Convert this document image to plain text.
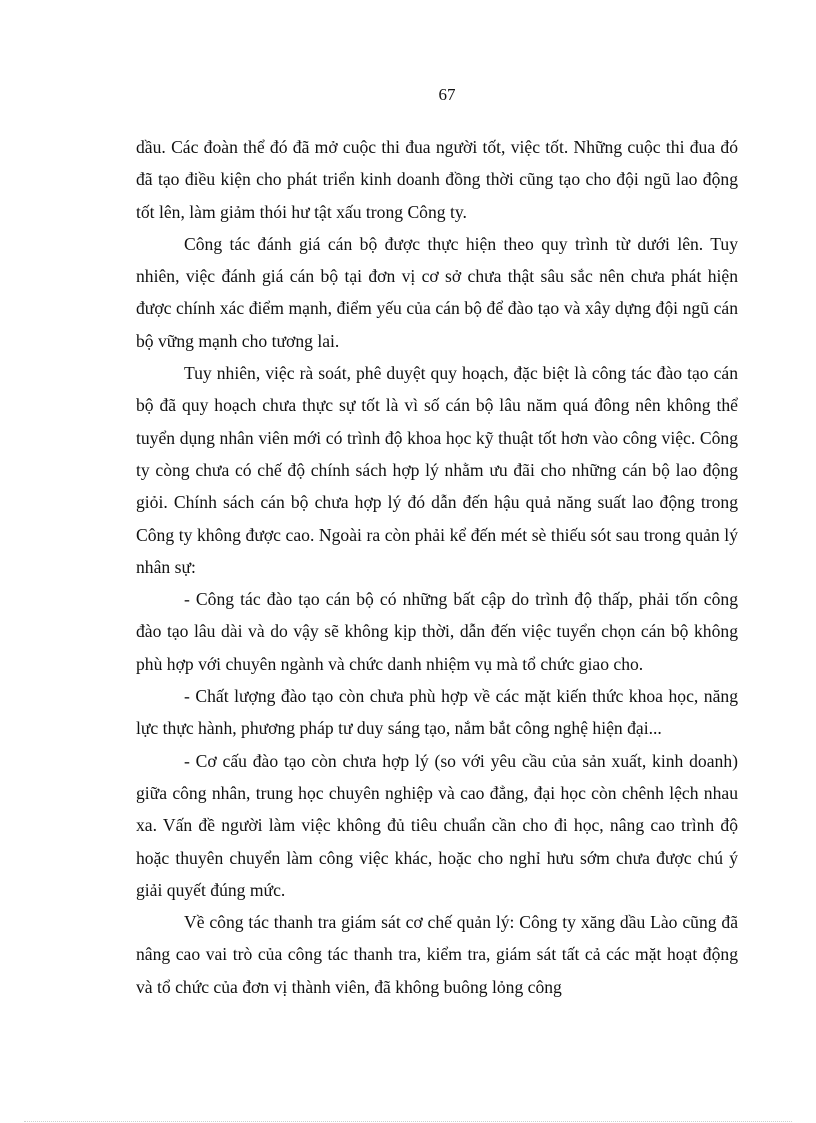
67

dầu. Các đoàn thể đó đã mở cuộc thi đua người tốt, việc tốt. Những cuộc thi đua đó đã tạo điều kiện cho phát triển kinh doanh đồng thời cũng tạo cho đội ngũ lao động tốt lên, làm giảm thói hư tật xấu trong Công ty.

Công tác đánh giá cán bộ được thực hiện theo quy trình từ dưới lên. Tuy nhiên, việc đánh giá cán bộ tại đơn vị cơ sở chưa thật sâu sắc nên chưa phát hiện được chính xác điểm mạnh, điểm yếu của cán bộ để đào tạo và xây dựng đội ngũ cán bộ vững mạnh cho tương lai.

Tuy nhiên, việc rà soát, phê duyệt quy hoạch, đặc biệt là công tác đào tạo cán bộ đã quy hoạch chưa thực sự tốt là vì số cán bộ lâu năm quá đông nên không thể tuyển dụng nhân viên mới có trình độ khoa học kỹ thuật tốt hơn vào công việc. Công ty còng chưa có chế độ chính sách hợp lý nhằm ưu đãi cho những cán bộ lao động giỏi. Chính sách cán bộ chưa hợp lý đó dẫn đến hậu quả năng suất lao động trong Công ty không được cao. Ngoài ra còn phải kể đến mét sè thiếu sót sau trong quản lý nhân sự:

- Công tác đào tạo cán bộ có những bất cập do trình độ thấp, phải tốn công đào tạo lâu dài và do vậy sẽ không kịp thời, dẫn đến việc tuyển chọn cán bộ không phù hợp với chuyên ngành và chức danh nhiệm vụ mà tổ chức giao cho.

- Chất lượng đào tạo còn chưa phù hợp về các mặt kiến thức khoa học, năng lực thực hành, phương pháp tư duy sáng tạo, nắm bắt công nghệ hiện đại...

- Cơ cấu đào tạo còn chưa hợp lý (so với yêu cầu của sản xuất, kinh doanh) giữa công nhân, trung học chuyên nghiệp và cao đẳng, đại học còn chênh lệch nhau xa. Vấn đề người làm việc không đủ tiêu chuẩn cần cho đi học, nâng cao trình độ hoặc thuyên chuyển làm công việc khác, hoặc cho nghỉ hưu sớm chưa được chú ý giải quyết đúng mức.

Về công tác thanh tra giám sát cơ chế quản lý: Công ty xăng dầu Lào cũng đã nâng cao vai trò của công tác thanh tra, kiểm tra, giám sát tất cả các mặt hoạt động và tổ chức của đơn vị thành viên, đã không buông lỏng công
